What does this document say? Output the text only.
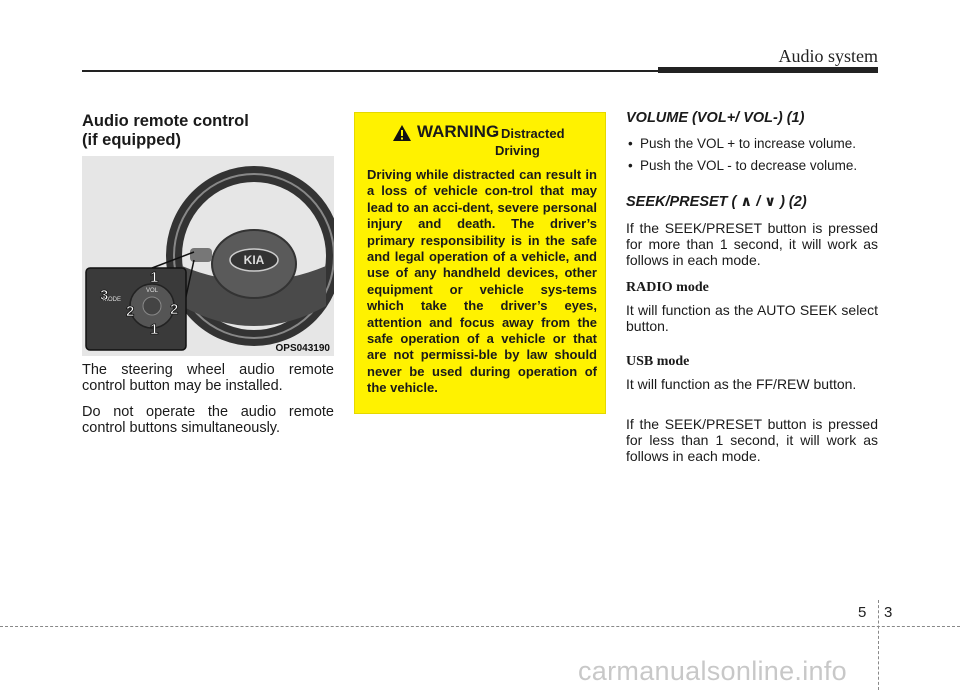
Audio system
Audio remote control
(if equipped)
KIA
VOL
MODE
1
2
3
2
1
OPS043190

The steering wheel audio remote control button may be installed.

Do not operate the audio remote control buttons simultaneously.

WARNING
- Distracted
Driving
Driving while distracted can result in a loss of vehicle con-trol that may lead to an acci-dent, severe personal injury and death. The driver’s primary responsibility is in the safe and legal operation of a vehicle, and use of any handheld devices, other equipment or vehicle sys-tems which take the driver’s eyes, attention and focus away from the safe operation of a vehicle or that are not permissi-ble by law should never be used during operation of the vehicle.
VOLUME (VOL+/ VOL-) (1)
• Push the VOL + to increase volume.
• Push the VOL - to decrease volume.
SEEK/PRESET ( ∧ / ∨ ) (2)

If the SEEK/PRESET button is pressed for more than 1 second, it will work as follows in each mode.

RADIO mode

It will function as the AUTO SEEK select button.

USB mode

It will function as the FF/REW button.

If the SEEK/PRESET button is pressed for less than 1 second, it will work as follows in each mode.

5 3
carmanualsonline.info
